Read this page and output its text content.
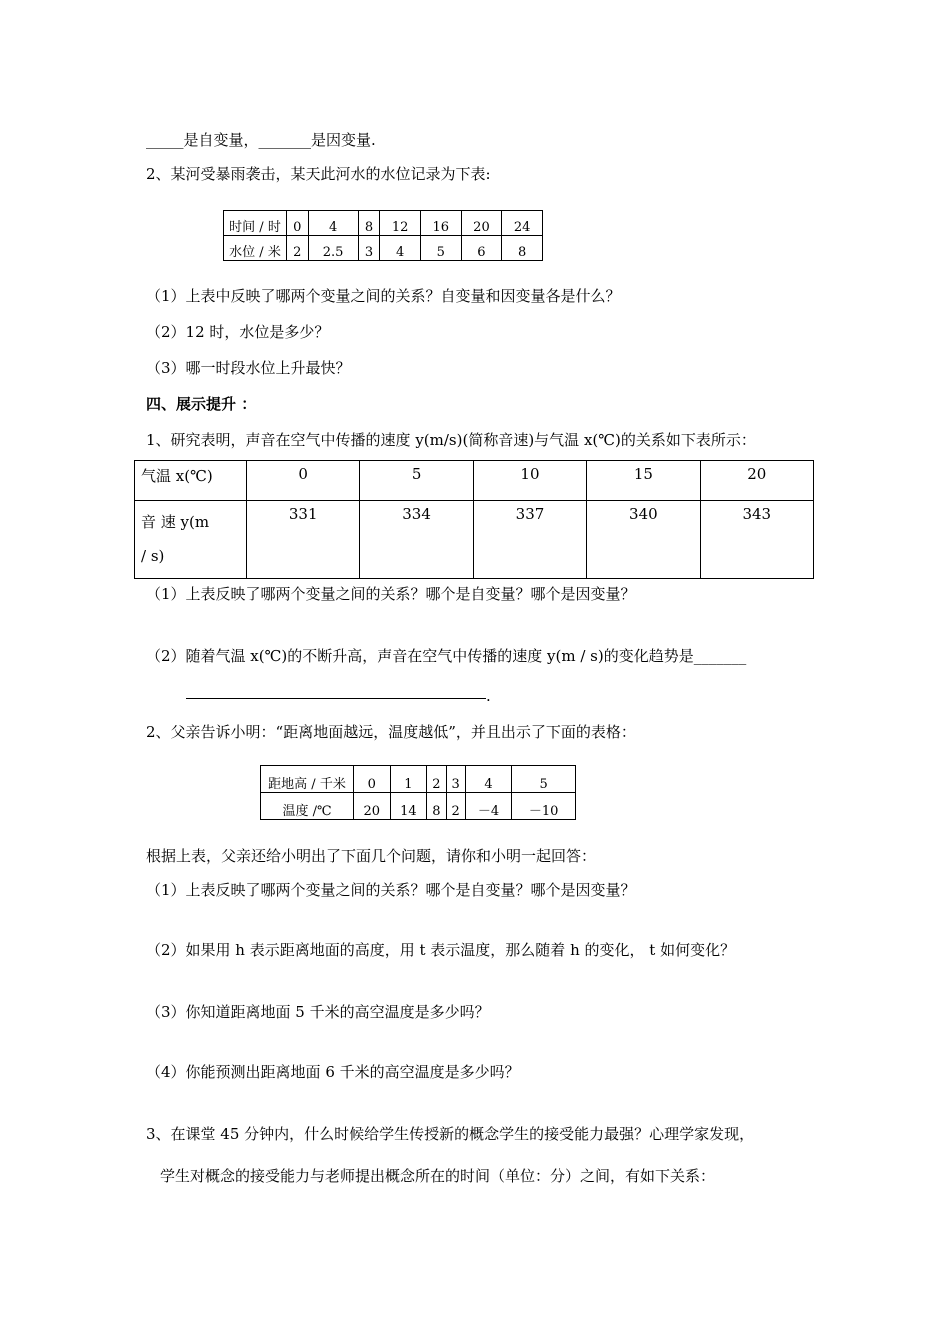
_____是自变量，_______是因变量.
2、某河受暴雨袭击，某天此河水的水位记录为下表:
时间 / 时	0	4	8	12	16	20	24
水位 / 米	2	2.5	3	4	5	6	8
（1）上表中反映了哪两个变量之间的关系？自变量和因变量各是什么？
（2）12 时，水位是多少？
（3）哪一时段水位上升最快？
四、展示提升 ：
1、研究表明，声音在空气中传播的速度 y(m/s)(简称音速)与气温 x(℃)的关系如下表所示：
气温 x(℃)	0	5	10	15	20

音 速 y(m
/ s)	331	334	337	340	343
（1）上表反映了哪两个变量之间的关系？哪个是自变量？哪个是因变量？
（2）随着气温 x(℃)的不断升高，声音在空气中传播的速度 y(m / s)的变化趋势是_______
.
2、父亲告诉小明：“距离地面越远，温度越低”，并且出示了下面的表格：
距地高 / 千米	0	1	2	3	4	5
温度 /℃	20	14	8	2	－4	－10
根据上表，父亲还给小明出了下面几个问题，请你和小明一起回答：
（1）上表反映了哪两个变量之间的关系？哪个是自变量？哪个是因变量？
（2）如果用 h 表示距离地面的高度，用 t 表示温度，那么随着 h 的变化， t 如何变化？
（3）你知道距离地面 5 千米的高空温度是多少吗？
（4）你能预测出距离地面 6 千米的高空温度是多少吗？
3、在课堂 45 分钟内，什么时候给学生传授新的概念学生的接受能力最强？心理学家发现，
学生对概念的接受能力与老师提出概念所在的时间（单位：分）之间，有如下关系：
